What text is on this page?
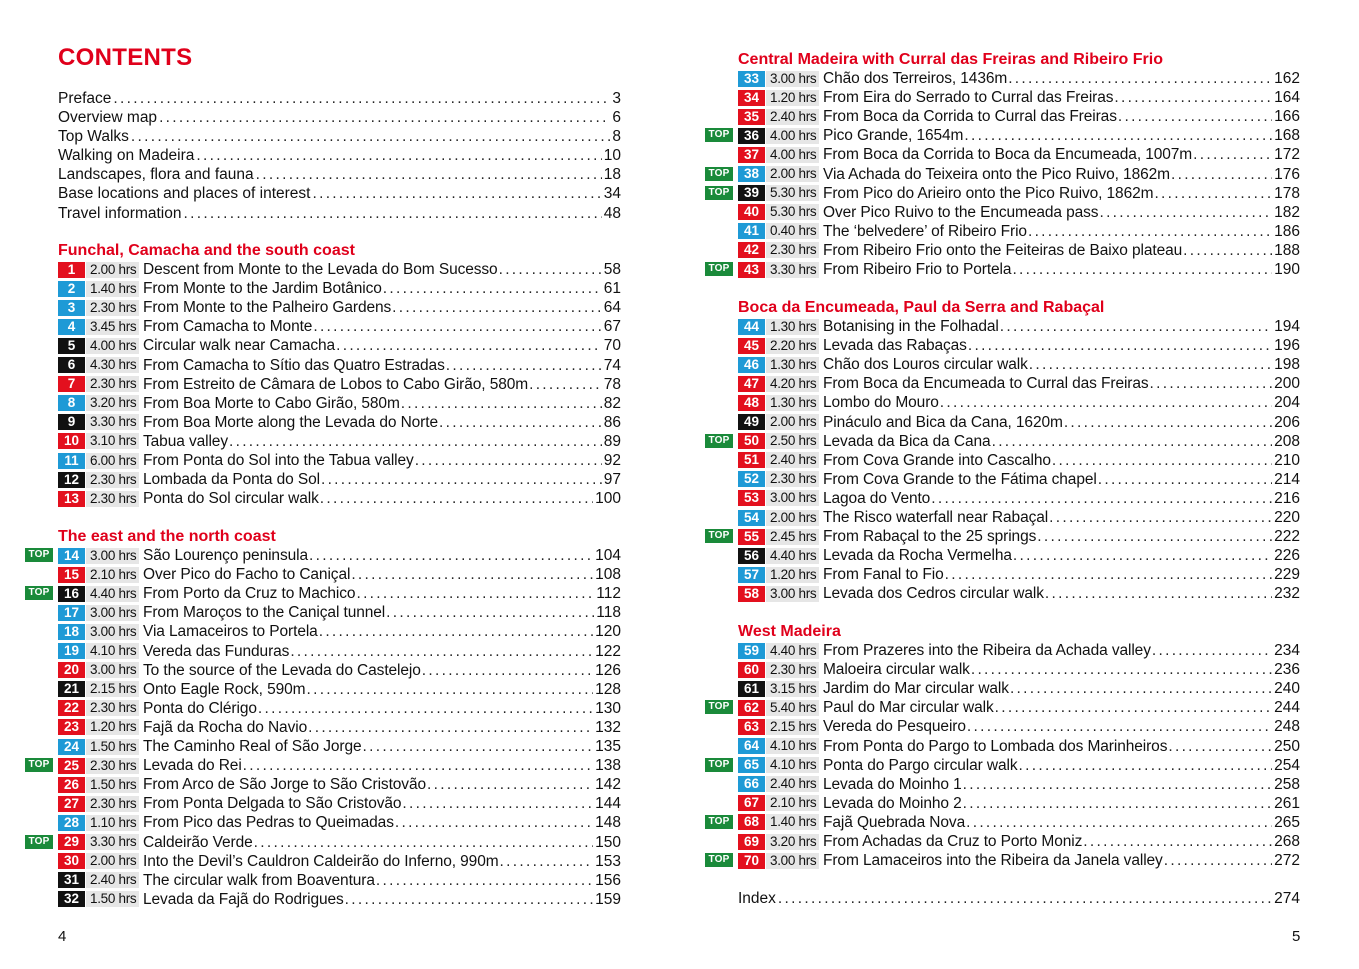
CONTENTS
Preface . . .	3
Overview map . . .	6
Top Walks . . .	8
Walking on Madeira . . .	10
Landscapes, flora and fauna . . .	18
Base locations and places of interest . . .	34
Travel information . . .	48
Funchal, Camacha and the south coast
1	2.00 hrs Descent from Monte to the Levada do Bom Sucesso . . .	58
2	1.40 hrs From Monte to the Jardim Botânico . . .	61
3	2.30 hrs From Monte to the Palheiro Gardens . . .	64
4	3.45 hrs From Camacha to Monte . . .	67
5	4.00 hrs Circular walk near Camacha . . .	70
6	4.30 hrs From Camacha to Sítio das Quatro Estradas . . .	74
7	2.30 hrs From Estreito de Câmara de Lobos to Cabo Girão, 580m . . .	78
8	3.20 hrs From Boa Morte to Cabo Girão, 580m . . .	82
9	3.30 hrs From Boa Morte along the Levada do Norte . . .	86
10 3.10 hrs Tabua valley . . .	89
11 6.00 hrs From Ponta do Sol into the Tabua valley . . .	92
12 2.30 hrs Lombada da Ponta do Sol . . .	97
13 2.30 hrs Ponta do Sol circular walk . . .	100
The east and the north coast
TOP	14 3.00 hrs São Lourenço peninsula . . .	104
15 2.10 hrs Over Pico do Facho to Caniçal . . .	108
TOP	16 4.40 hrs From Porto da Cruz to Machico . . .	112
17 3.00 hrs From Maroços to the Caniçal tunnel . . .	118
18 3.00 hrs Via Lamaceiros to Portela . . .	120
19 4.10 hrs Vereda das Funduras . . .	122
20 3.00 hrs To the source of the Levada do Castelejo . . .	126
21 2.15 hrs Onto Eagle Rock, 590m . . .	128
22 2.30 hrs Ponta do Clérigo . . .	130
23 1.20 hrs Fajã da Rocha do Navio . . .	132
24 1.50 hrs The Caminho Real of São Jorge . . .	135
TOP	25 2.30 hrs Levada do Rei . . .	138
26 1.50 hrs From Arco de São Jorge to São Cristovão . . .	142
27 2.30 hrs From Ponta Delgada to São Cristovão . . .	144
28 1.10 hrs From Pico das Pedras to Queimadas . . .	148
TOP	29 3.30 hrs Caldeirão Verde . . .	150
30 2.00 hrs Into the Devil’s Cauldron Caldeirão do Inferno, 990m . . .	153
31 2.40 hrs The circular walk from Boaventura . . .	156
32 1.50 hrs Levada da Fajã do Rodrigues . . .	159
4
Central Madeira with Curral das Freiras and Ribeiro Frio
33 3.00 hrs Chão dos Terreiros, 1436m . . .	162
34 1.20 hrs From Eira do Serrado to Curral das Freiras . . .	164
35 2.40 hrs From Boca da Corrida to Curral das Freiras . . .	166
TOP	36 4.00 hrs Pico Grande, 1654m . . .	168
37 4.00 hrs From Boca da Corrida to Boca da Encumeada, 1007m . . .	172
TOP	38 2.00 hrs Via Achada do Teixeira onto the Pico Ruivo, 1862m . . .	176
TOP	39 5.30 hrs From Pico do Arieiro onto the Pico Ruivo, 1862m . . .	178
40 5.30 hrs Over Pico Ruivo to the Encumeada pass . . .	182
41 0.40 hrs The ‘belvedere’ of Ribeiro Frio . . .	186
42 2.30 hrs From Ribeiro Frio onto the Feiteiras de Baixo plateau . . .	188
TOP	43 3.30 hrs From Ribeiro Frio to Portela . . .	190
Boca da Encumeada, Paul da Serra and Rabaçal
44 1.30 hrs Botanising in the Folhadal . . .	194
45 2.20 hrs Levada das Rabaças . . .	196
46 1.30 hrs Chão dos Louros circular walk . . .	198
47 4.20 hrs From Boca da Encumeada to Curral das Freiras . . .	200
48 1.30 hrs Lombo do Mouro . . .	204
49 2.00 hrs Pináculo and Bica da Cana, 1620m . . .	206
TOP	50 2.50 hrs Levada da Bica da Cana . . .	208
51 2.40 hrs From Cova Grande into Cascalho . . .	210
52 2.30 hrs From Cova Grande to the Fátima chapel . . .	214
53 3.00 hrs Lagoa do Vento . . .	216
54 2.00 hrs The Risco waterfall near Rabaçal . . .	220
TOP	55 2.45 hrs From Rabaçal to the 25 springs . . .	222
56 4.40 hrs Levada da Rocha Vermelha . . .	226
57 1.20 hrs From Fanal to Fio . . .	229
58 3.00 hrs Levada dos Cedros circular walk . . .	232
West Madeira
59 4.40 hrs From Prazeres into the Ribeira da Achada valley . . .	234
60 2.30 hrs Maloeira circular walk . . .	236
61 3.15 hrs Jardim do Mar circular walk . . .	240
TOP	62 5.40 hrs Paul do Mar circular walk . . .	244
63 2.15 hrs Vereda do Pesqueiro . . .	248
64 4.10 hrs From Ponta do Pargo to Lombada dos Marinheiros . . .	250
TOP	65 4.10 hrs Ponta do Pargo circular walk . . .	254
66 2.40 hrs Levada do Moinho 1 . . .	258
67 2.10 hrs Levada do Moinho 2 . . .	261
TOP	68 1.40 hrs Fajã Quebrada Nova . . .	265
69 3.20 hrs From Achadas da Cruz to Porto Moniz . . .	268
TOP	70 3.00 hrs From Lamaceiros into the Ribeira da Janela valley . . .	272
Index . . .	274
5
